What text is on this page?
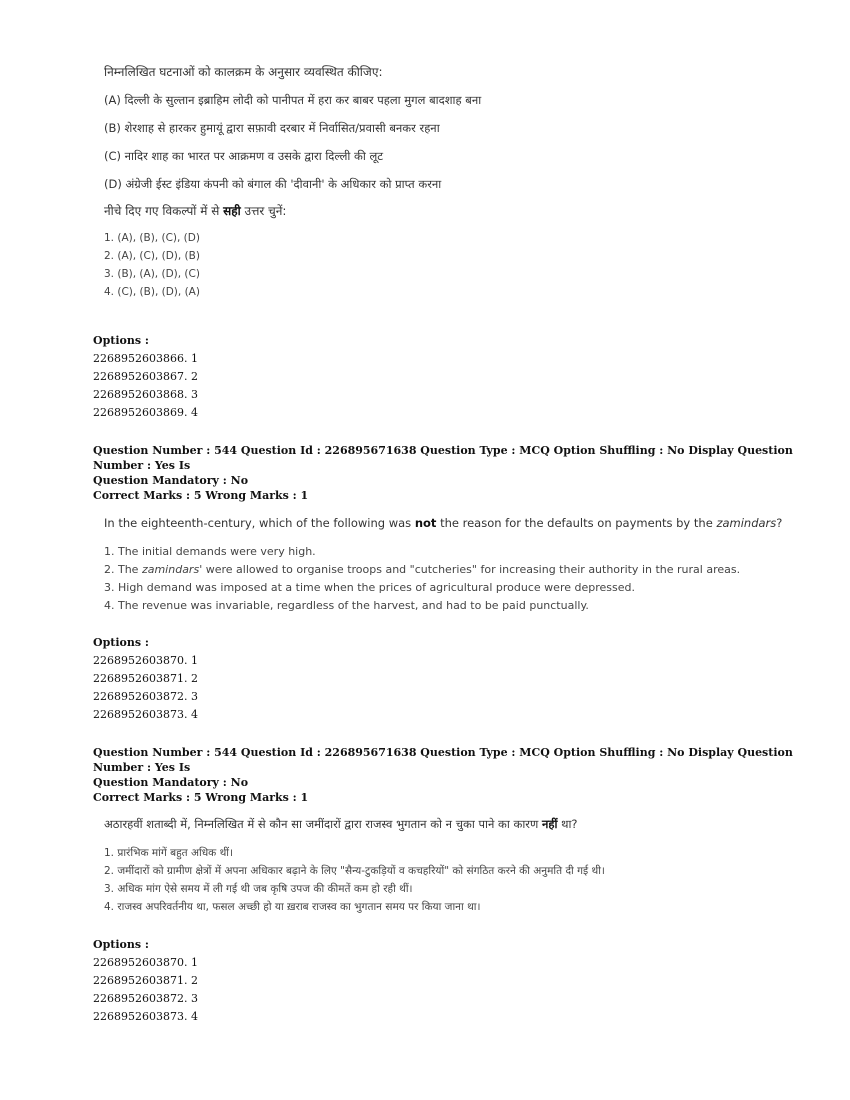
निम्नलिखित घटनाओं को कालक्रम के अनुसार व्यवस्थित कीजिए:

(A) दिल्ली के सुल्तान इब्राहिम लोदी को पानीपत में हरा कर बाबर पहला मुगल बादशाह बना

(B) शेरशाह से हारकर हुमायूं द्वारा सफ़ावी दरबार में निर्वासित/प्रवासी बनकर रहना

(C) नादिर शाह का भारत पर आक्रमण व उसके द्वारा दिल्ली की लूट

(D) अंग्रेजी ईस्ट इंडिया कंपनी को बंगाल की 'दीवानी' के अधिकार को प्राप्त करना

नीचे दिए गए विकल्पों में से सही उत्तर चुनें:

1. (A), (B), (C), (D)
2. (A), (C), (D), (B)
3. (B), (A), (D), (C)
4. (C), (B), (D), (A)
Options :
2268952603866. 1
2268952603867. 2
2268952603868. 3
2268952603869. 4
Question Number : 544 Question Id : 226895671638 Question Type : MCQ Option Shuffling : No Display Question Number : Yes Is
Question Mandatory : No
Correct Marks : 5 Wrong Marks : 1

In the eighteenth-century, which of the following was not the reason for the defaults on payments by the zamindars?

1. The initial demands were very high.
2. The zamindars' were allowed to organise troops and "cutcheries" for increasing their authority in the rural areas.
3. High demand was imposed at a time when the prices of agricultural produce were depressed.
4. The revenue was invariable, regardless of the harvest, and had to be paid punctually.
Options :
2268952603870. 1
2268952603871. 2
2268952603872. 3
2268952603873. 4
Question Number : 544 Question Id : 226895671638 Question Type : MCQ Option Shuffling : No Display Question Number : Yes Is
Question Mandatory : No
Correct Marks : 5 Wrong Marks : 1

अठारहवीं शताब्दी में, निम्नलिखित में से कौन सा जमींदारों द्वारा राजस्व भुगतान को न चुका पाने का कारण नहीं था?

1. प्रारंभिक मांगें बहुत अधिक थीं।
2. जमींदारों को ग्रामीण क्षेत्रों में अपना अधिकार बढ़ाने के लिए "सैन्य-टुकड़ियों व कचहरियों" को संगठित करने की अनुमति दी गई थी।
3. अधिक मांग ऐसे समय में ली गई थी जब कृषि उपज की कीमतें कम हो रही थीं।
4. राजस्व अपरिवर्तनीय था, फसल अच्छी हो या ख़राब राजस्व का भुगतान समय पर किया जाना था।
Options :
2268952603870. 1
2268952603871. 2
2268952603872. 3
2268952603873. 4
